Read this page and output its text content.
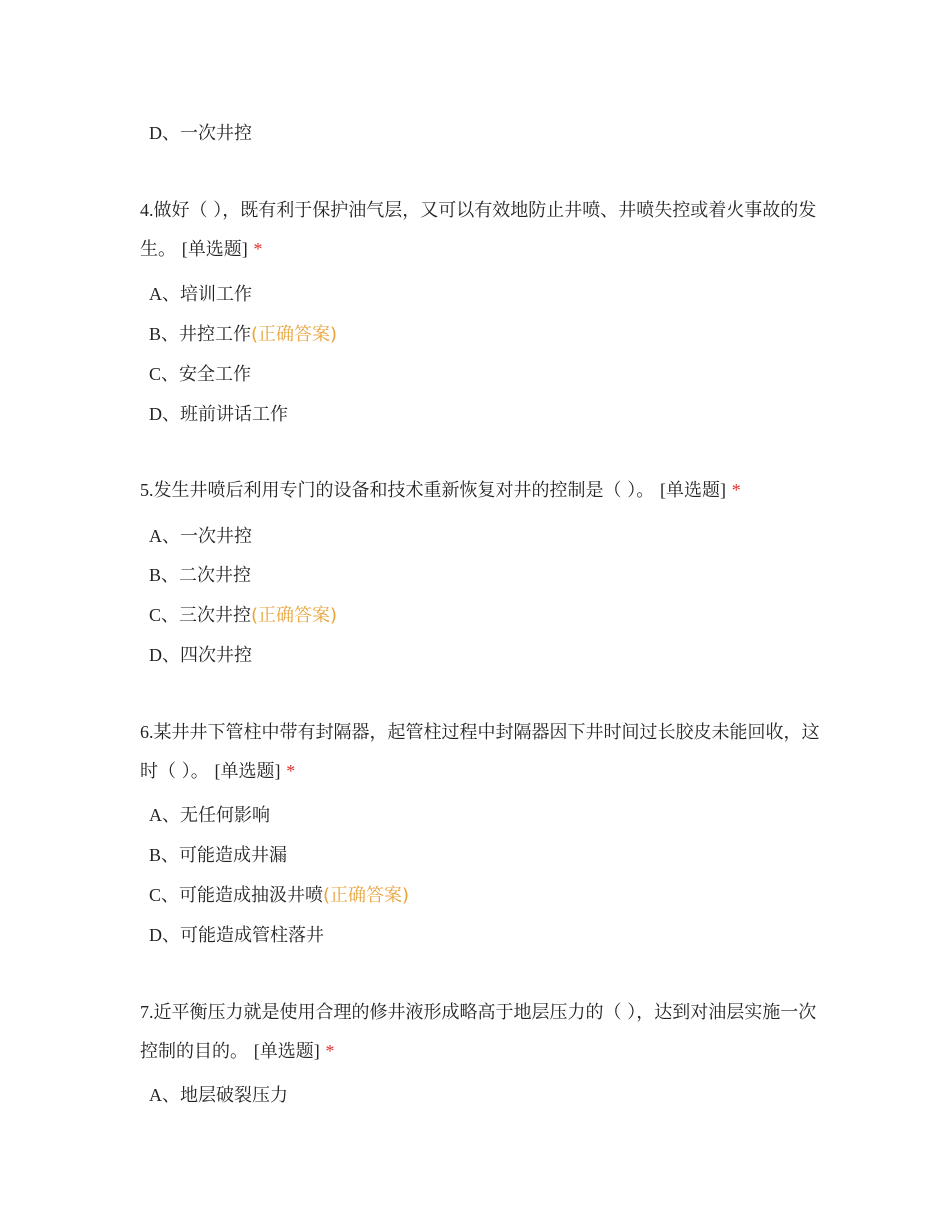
D、一次井控
4.做好（ ），既有利于保护油气层，又可以有效地防止井喷、井喷失控或着火事故的发生。 [单选题] *
A、培训工作
B、井控工作(正确答案)
C、安全工作
D、班前讲话工作
5.发生井喷后利用专门的设备和技术重新恢复对井的控制是（ ）。 [单选题] *
A、一次井控
B、二次井控
C、三次井控(正确答案)
D、四次井控
6.某井井下管柱中带有封隔器，起管柱过程中封隔器因下井时间过长胶皮未能回收，这时（ ）。 [单选题] *
A、无任何影响
B、可能造成井漏
C、可能造成抽汲井喷(正确答案)
D、可能造成管柱落井
7.近平衡压力就是使用合理的修井液形成略高于地层压力的（ ），达到对油层实施一次控制的目的。 [单选题] *
A、地层破裂压力
